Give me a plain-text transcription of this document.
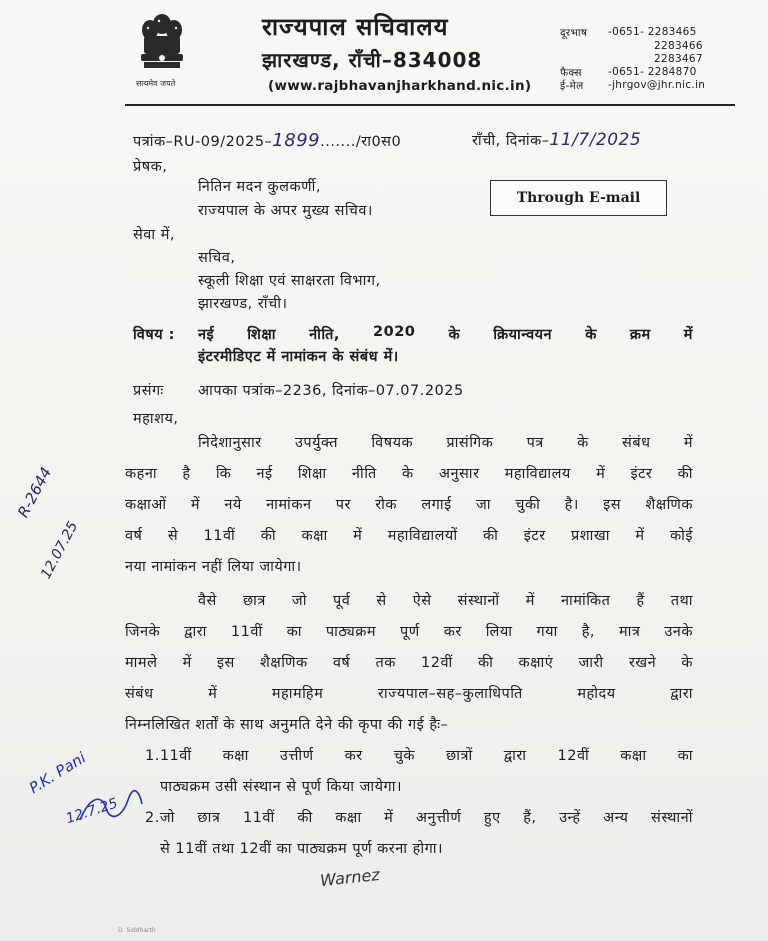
सत्यमेव जयते
राज्यपाल सचिवालय
झारखण्ड, राँची–834008
(www.rajbhavanjharkhand.nic.in)
दूरभाष -0651- 2283465
2283466
2283467
फैक्स -0651- 2284870
ई-मेल -jhrgov@jhr.nic.in
पत्रांक–RU-09/2025–1899......./रा0स0	राँची, दिनांक–11/7/2025
प्रेषक,
नितिन मदन कुलकर्णी,
राज्यपाल के अपर मुख्य सचिव।
Through E-mail
सेवा में,
सचिव,
स्कूली शिक्षा एवं साक्षरता विभाग,
झारखण्ड, राँची।
विषय : नई शिक्षा नीति, 2020 के क्रियान्वयन के क्रम में
इंटरमीडिएट में नामांकन के संबंध में।
प्रसंगः आपका पत्रांक–2236, दिनांक–07.07.2025
महाशय,
निदेशानुसार उपर्युक्त विषयक प्रासंगिक पत्र के संबंध में
कहना है कि नई शिक्षा नीति के अनुसार महाविद्यालय में इंटर की
कक्षाओं में नये नामांकन पर रोक लगाई जा चुकी है। इस शैक्षणिक
वर्ष से 11वीं की कक्षा में महाविद्यालयों की इंटर प्रशाखा में कोई
नया नामांकन नहीं लिया जायेगा।
वैसे छात्र जो पूर्व से ऐसे संस्थानों में नामांकित हैं तथा
जिनके द्वारा 11वीं का पाठ्यक्रम पूर्ण कर लिया गया है, मात्र उनके
मामले में इस शैक्षणिक वर्ष तक 12वीं की कक्षाएं जारी रखने के
संबंध में महामहिम राज्यपाल–सह–कुलाधिपति महोदय द्वारा
निम्नलिखित शर्तों के साथ अनुमति देने की कृपा की गई हैः–
1.11वीं कक्षा उत्तीर्ण कर चुके छात्रों द्वारा 12वीं कक्षा का
पाठ्यक्रम उसी संस्थान से पूर्ण किया जायेगा।
2.जो छात्र 11वीं की कक्षा में अनुत्तीर्ण हुए हैं, उन्हें अन्य संस्थानों
से 11वीं तथा 12वीं का पाठ्यक्रम पूर्ण करना होगा।
R-2644
12.07.25
P.K. Pani
12.7.25
Warnez
D. Siddharth
